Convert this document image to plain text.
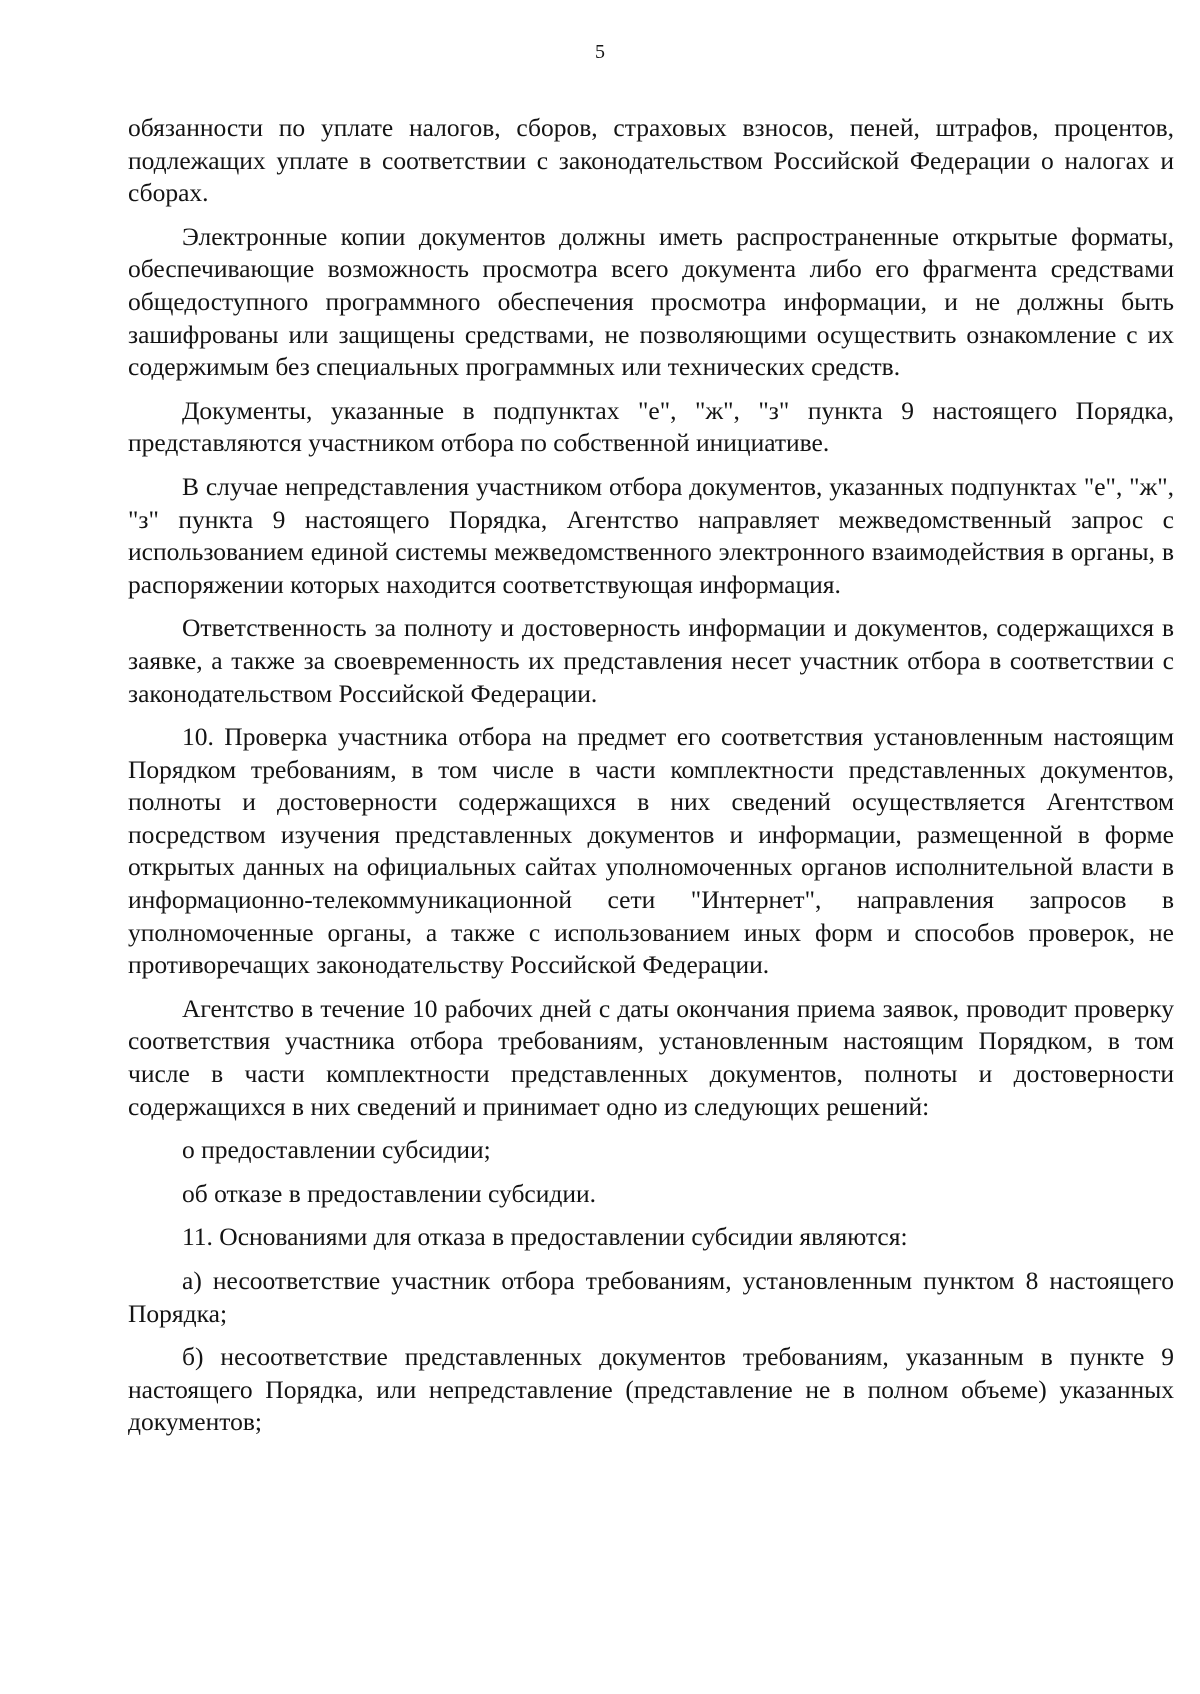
5

обязанности по уплате налогов, сборов, страховых взносов, пеней, штрафов, процентов, подлежащих уплате в соответствии с законодательством Российской Федерации о налогах и сборах.

Электронные копии документов должны иметь распространенные открытые форматы, обеспечивающие возможность просмотра всего документа либо его фрагмента средствами общедоступного программного обеспечения просмотра информации, и не должны быть зашифрованы или защищены средствами, не позволяющими осуществить ознакомление с их содержимым без специальных программных или технических средств.

Документы, указанные в подпунктах "е", "ж", "з" пункта 9 настоящего Порядка, представляются участником отбора по собственной инициативе.

В случае непредставления участником отбора документов, указанных подпунктах "е", "ж", "з" пункта 9 настоящего Порядка, Агентство направляет межведомственный запрос с использованием единой системы межведомственного электронного взаимодействия в органы, в распоряжении которых находится соответствующая информация.

Ответственность за полноту и достоверность информации и документов, содержащихся в заявке, а также за своевременность их представления несет участник отбора в соответствии с законодательством Российской Федерации.

10. Проверка участника отбора на предмет его соответствия установленным настоящим Порядком требованиям, в том числе в части комплектности представленных документов, полноты и достоверности содержащихся в них сведений осуществляется Агентством посредством изучения представленных документов и информации, размещенной в форме открытых данных на официальных сайтах уполномоченных органов исполнительной власти в информационно-телекоммуникационной сети "Интернет", направления запросов в уполномоченные органы, а также с использованием иных форм и способов проверок, не противоречащих законодательству Российской Федерации.

Агентство в течение 10 рабочих дней с даты окончания приема заявок, проводит проверку соответствия участника отбора требованиям, установленным настоящим Порядком, в том числе в части комплектности представленных документов, полноты и достоверности содержащихся в них сведений и принимает одно из следующих решений:

о предоставлении субсидии;

об отказе в предоставлении субсидии.

11. Основаниями для отказа в предоставлении субсидии являются:

а) несоответствие участник отбора требованиям, установленным пунктом 8 настоящего Порядка;

б) несоответствие представленных документов требованиям, указанным в пункте 9 настоящего Порядка, или непредставление (представление не в полном объеме) указанных документов;
